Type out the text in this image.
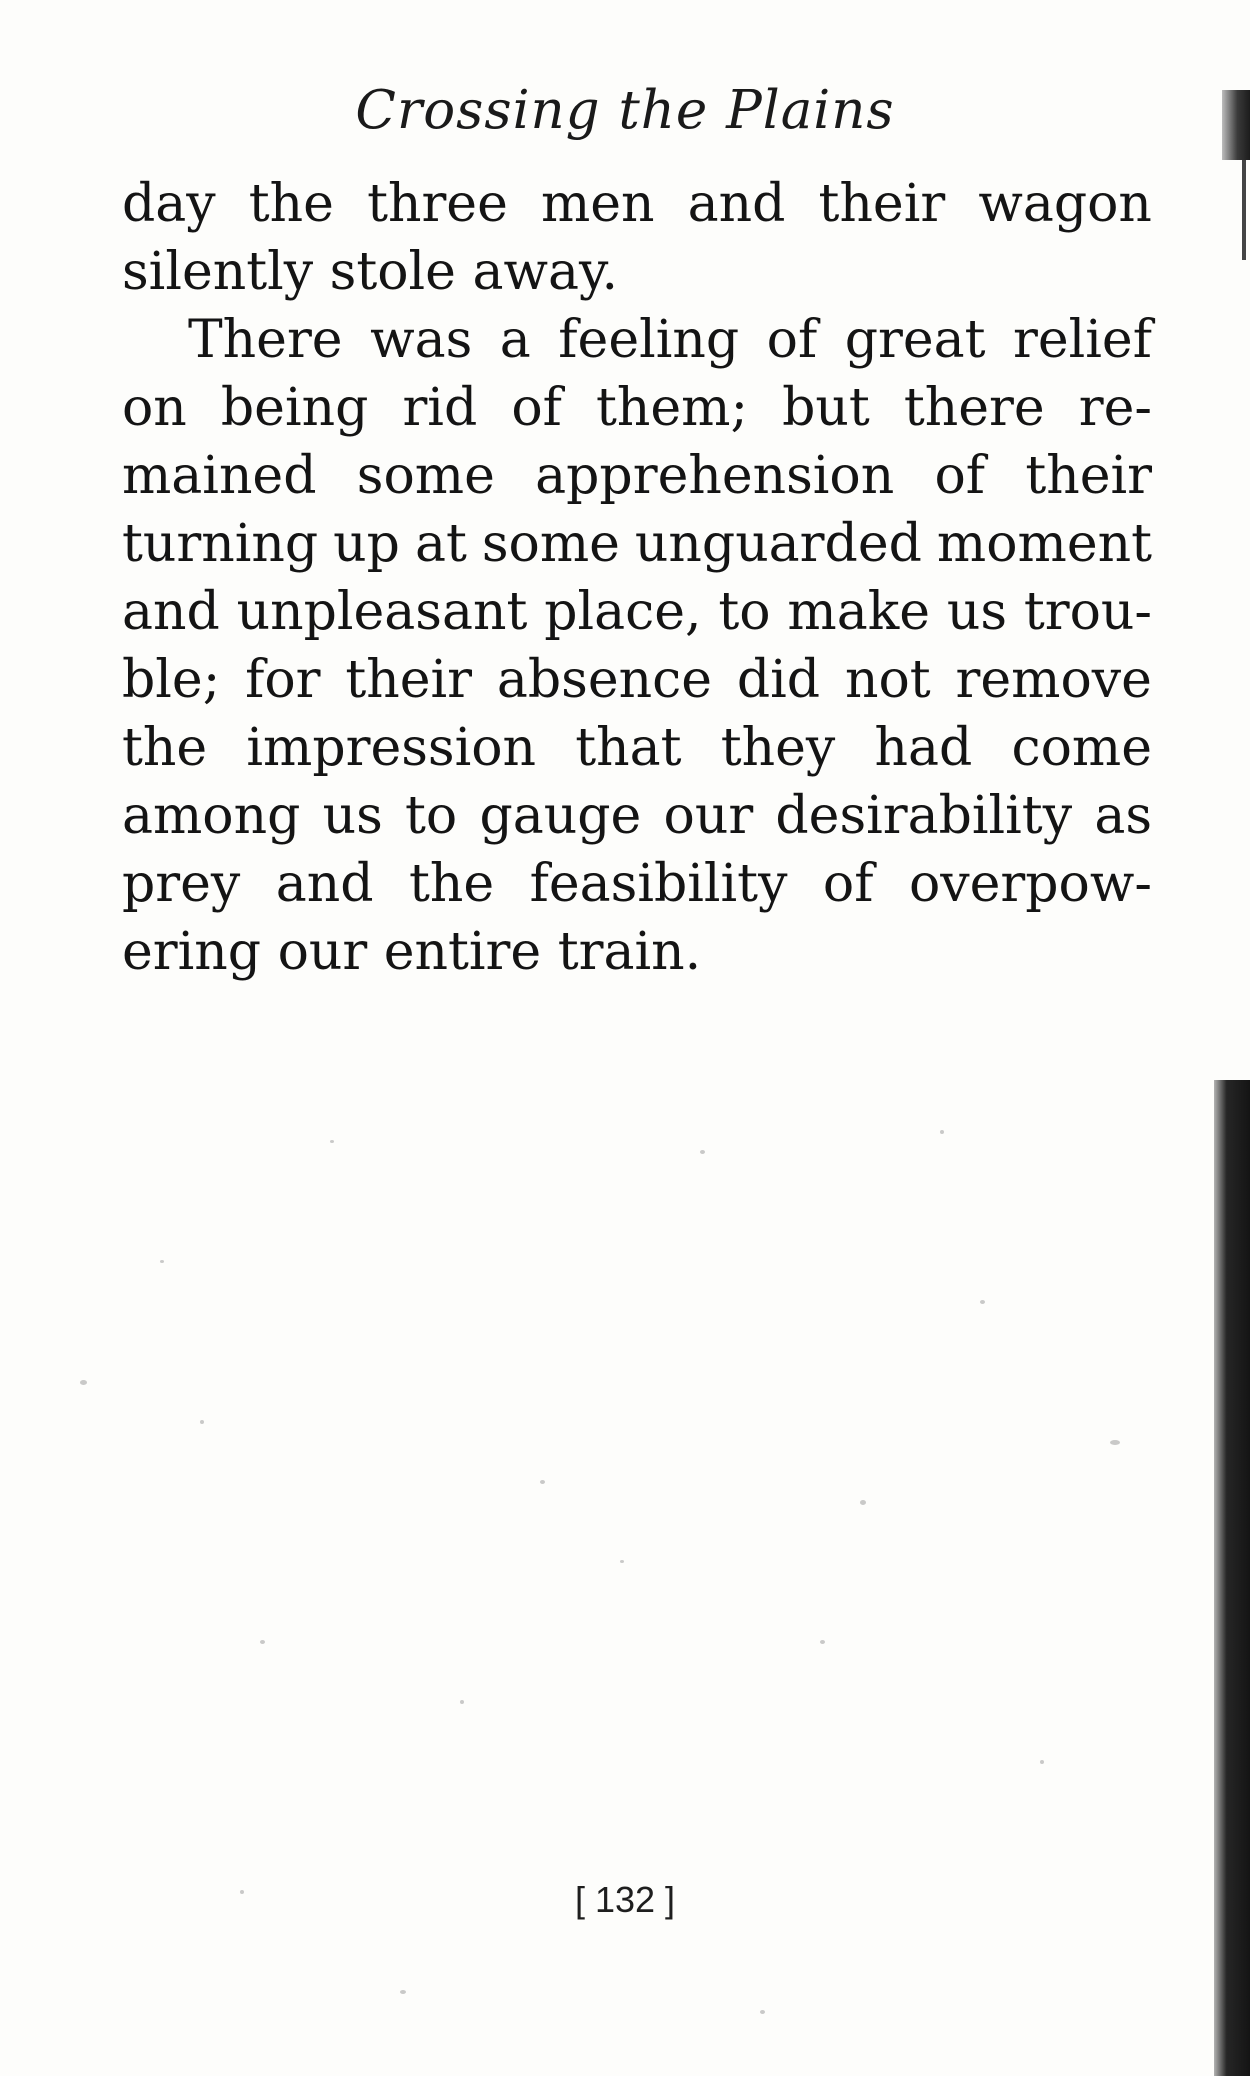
Crossing the Plains
day the three men and their wagon
silently stole away.
There was a feeling of great relief
on being rid of them; but there re-
mained some apprehension of their
turning up at some unguarded moment
and unpleasant place, to make us trou-
ble; for their absence did not remove
the impression that they had come
among us to gauge our desirability as
prey and the feasibility of overpow-
ering our entire train.
[ 132 ]
